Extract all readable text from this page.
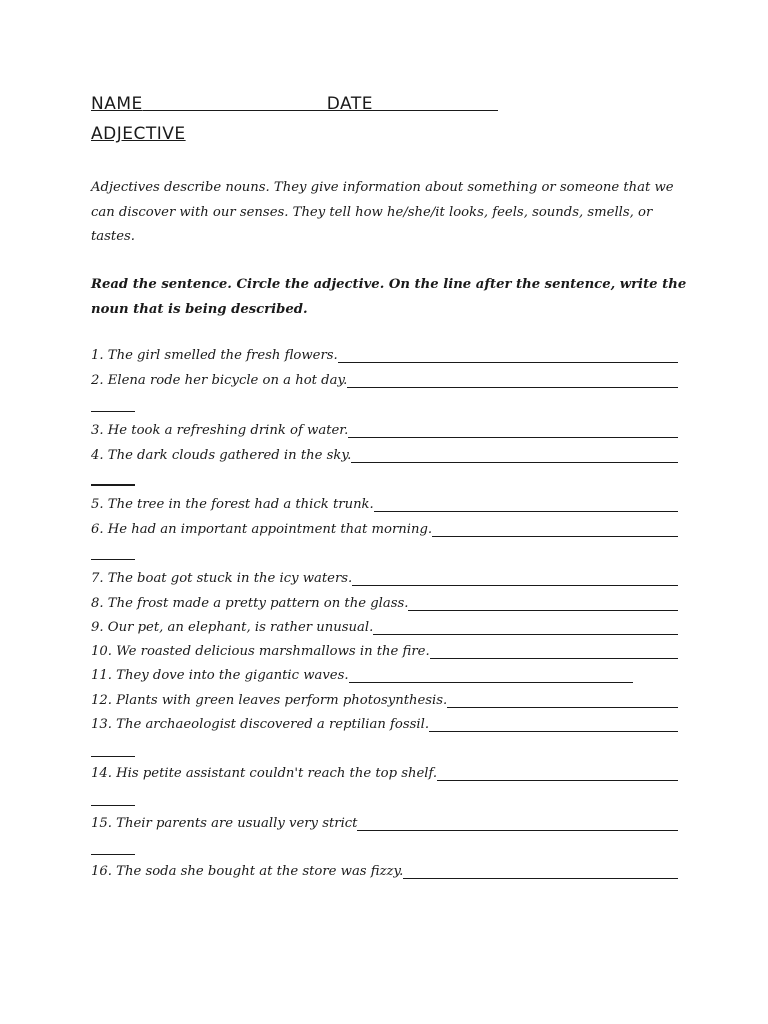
NAME	DATE
ADJECTIVE
Adjectives describe nouns. They give information about something or someone that we can discover with our senses. They tell how he/she/it looks, feels, sounds, smells, or tastes.
Read the sentence. Circle the adjective. On the line after the sentence, write the noun that is being described.
1. The girl smelled the fresh flowers.
2. Elena rode her bicycle on a hot day.
3. He took a refreshing drink of water.
4. The dark clouds gathered in the sky.
5. The tree in the forest had a thick trunk.
6. He had an important appointment that morning.
7. The boat got stuck in the icy waters.
8. The frost made a pretty pattern on the glass.
9. Our pet, an elephant, is rather unusual.
10. We roasted delicious marshmallows in the fire.
11. They dove into the gigantic waves.
12. Plants with green leaves perform photosynthesis.
13. The archaeologist discovered a reptilian fossil.
14. His petite assistant couldn't reach the top shelf.
15. Their parents are usually very strict
16. The soda she bought at the store was fizzy.
